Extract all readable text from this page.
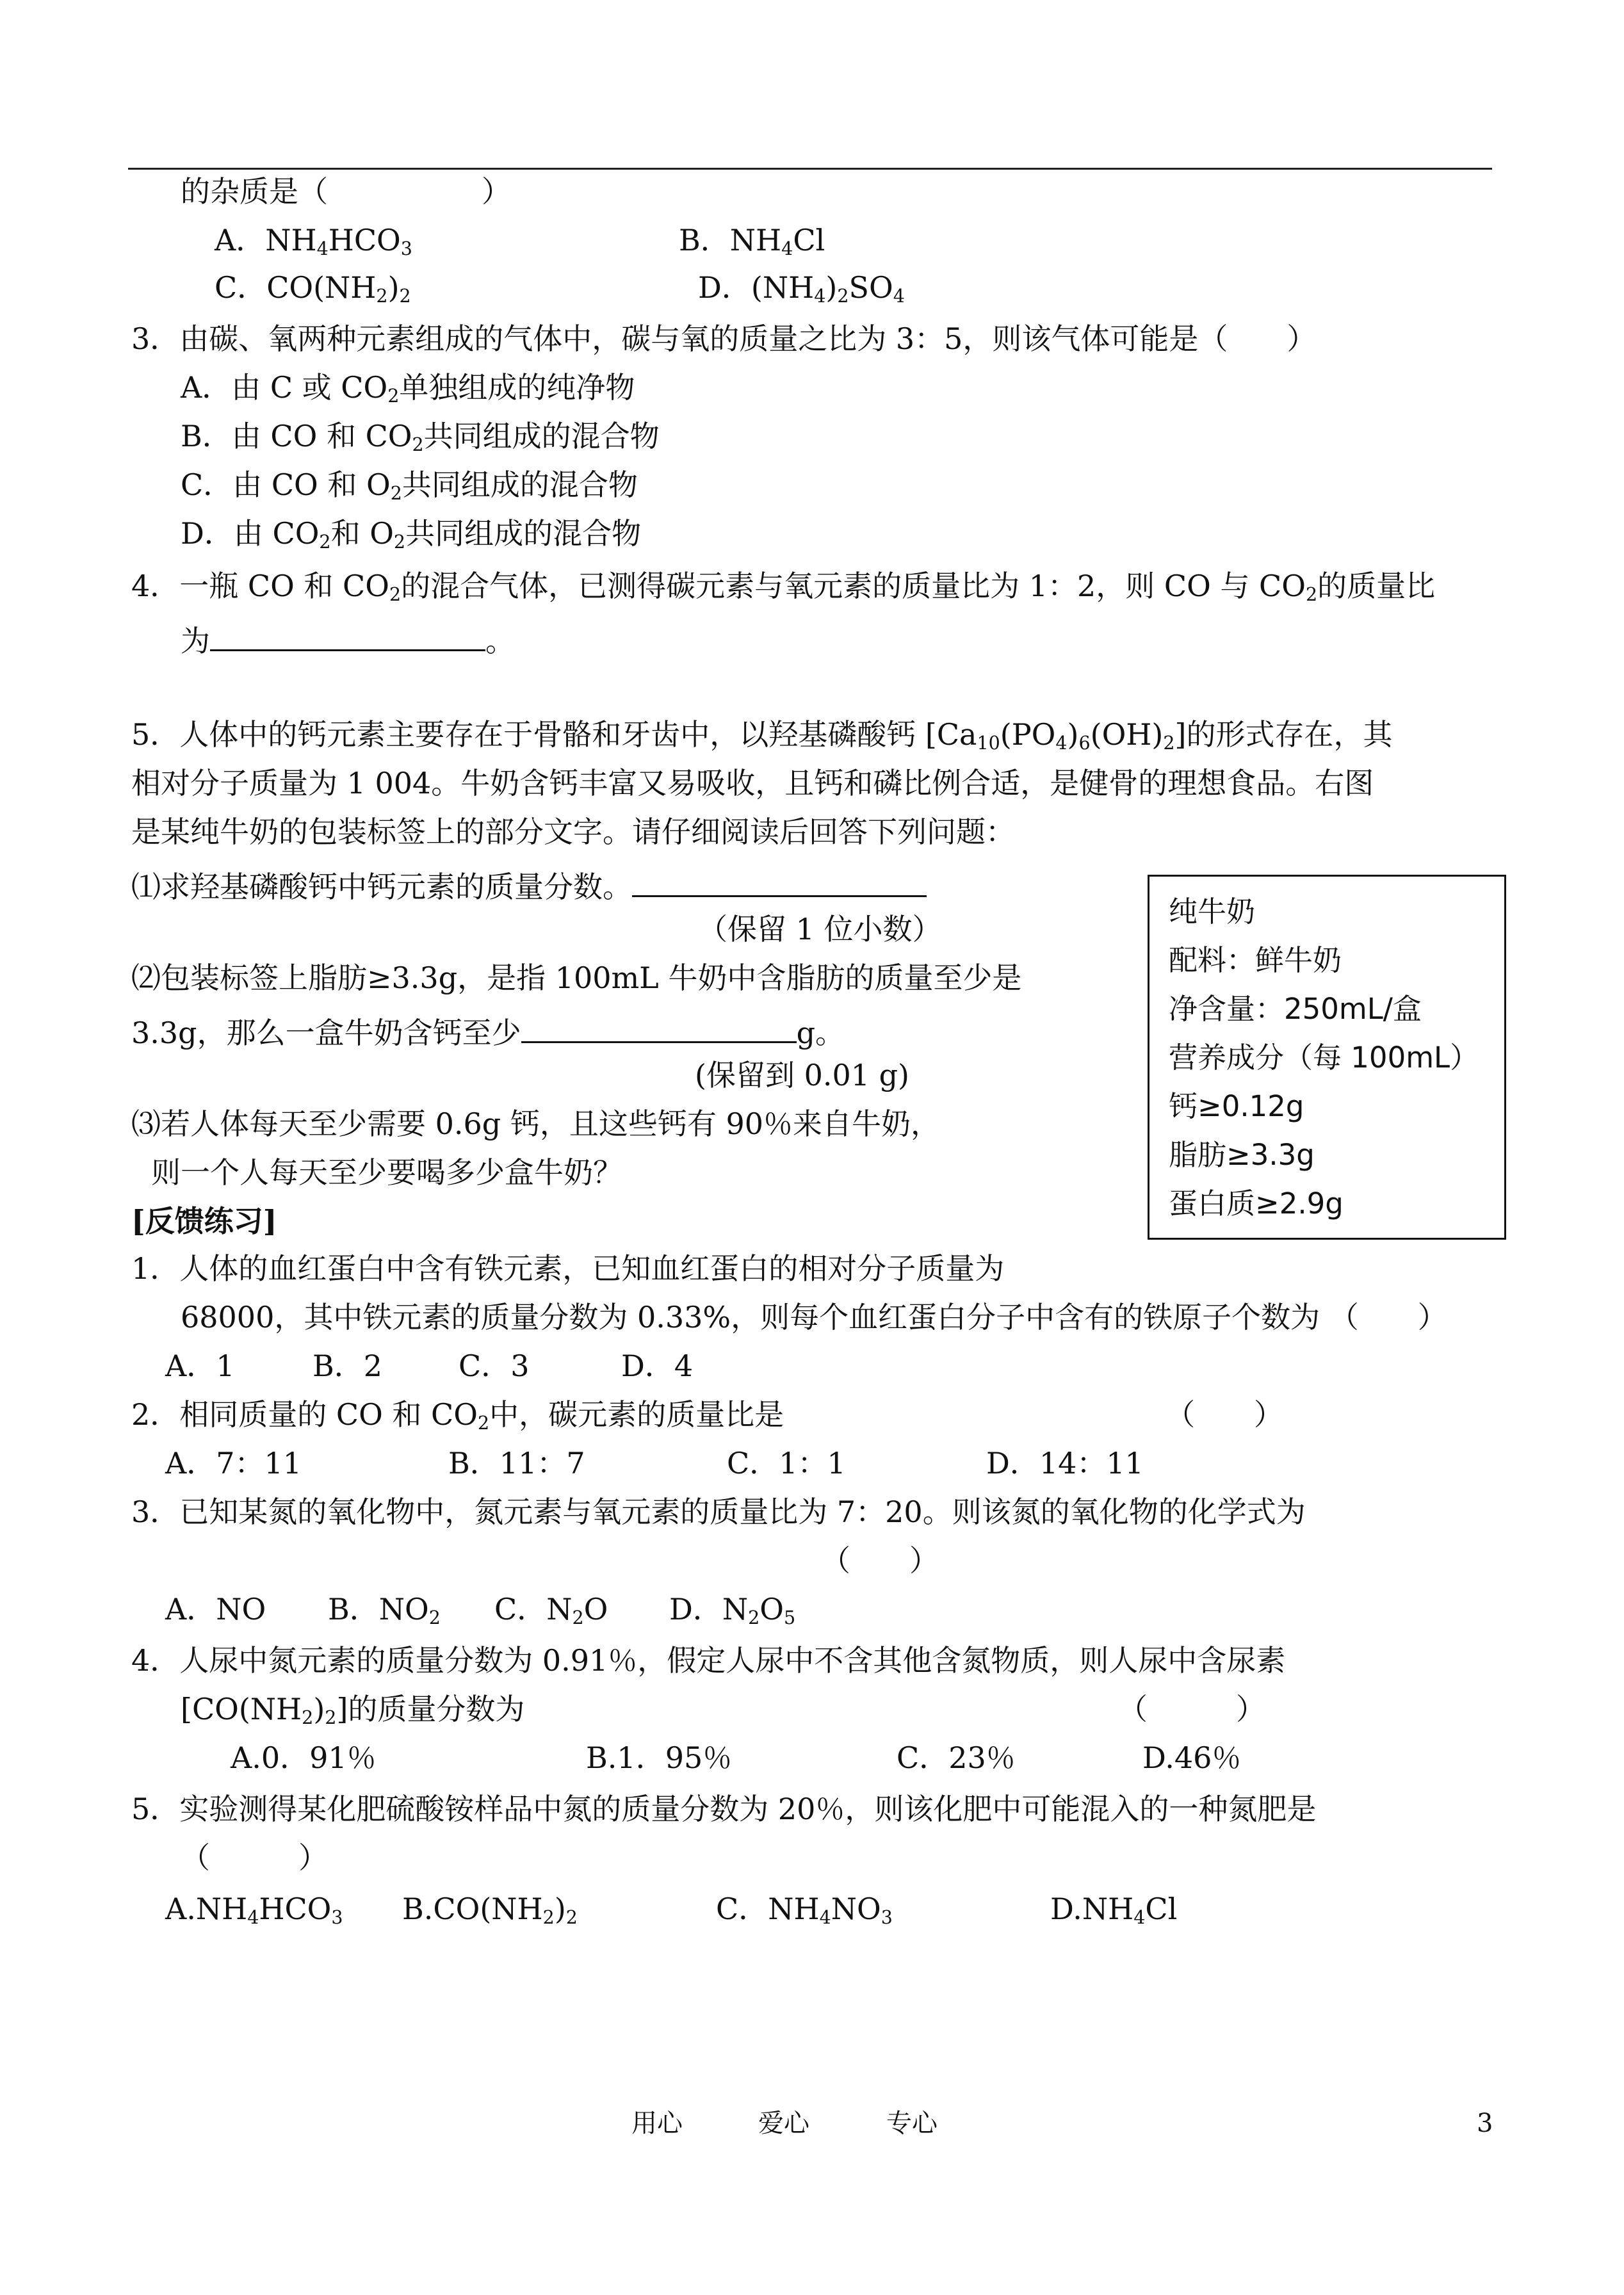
的杂质是（	）
A．$NH_4HCO_3$	B．$NH_4Cl$
C．$CO(NH_2)_2$	D．$(NH_4)_2SO_4$
3．由碳、氧两种元素组成的气体中，碳与氧的质量之比为 3：5，则该气体可能是（　　）
A．由 C 或 $CO_2$单独组成的纯净物
B．由 CO 和 $CO_2$共同组成的混合物
C．由 CO 和 $O_2$共同组成的混合物
D．由 $CO_2$和 $O_2$共同组成的混合物
4．一瓶 CO 和 $CO_2$的混合气体，已测得碳元素与氧元素的质量比为 1：2，则 CO 与 $CO_2$的质量比
为	。
5．人体中的钙元素主要存在于骨骼和牙齿中，以羟基磷酸钙 $[Ca_{10}(PO_4)_6(OH)_2]$的形式存在，其
相对分子质量为 1 004。牛奶含钙丰富又易吸收，且钙和磷比例合适，是健骨的理想食品。右图
是某纯牛奶的包装标签上的部分文字。请仔细阅读后回答下列问题：
⑴求羟基磷酸钙中钙元素的质量分数。
（保留 1 位小数）
⑵包装标签上脂肪≥3.3g，是指 100mL 牛奶中含脂肪的质量至少是
3.3g，那么一盒牛奶含钙至少	g。
(保留到 0.01 g)
⑶若人体每天至少需要 0.6g 钙，且这些钙有 90％来自牛奶，
则一个人每天至少要喝多少盒牛奶？
纯牛奶
配料：鲜牛奶
净含量：250mL/盒
营养成分（每 100mL）
钙≥0.12g
脂肪≥3.3g
蛋白质≥2.9g
[反馈练习]
1．人体的血红蛋白中含有铁元素，已知血红蛋白的相对分子质量为
68000，其中铁元素的质量分数为 0.33%，则每个血红蛋白分子中含有的铁原子个数为 （　　）
A．1	B．2	C．3	D．4
2．相同质量的 CO 和 $CO_2$中，碳元素的质量比是	（　　）
A．7：11	B．11：7	C．1：1	D．14：11
3．已知某氮的氧化物中，氮元素与氧元素的质量比为 7：20。则该氮的氧化物的化学式为
（　　）
A．NO B．$NO_2$ C．$N_2O$ D．$N_2O_5$
4．人尿中氮元素的质量分数为 0.91％，假定人尿中不含其他含氮物质，则人尿中含尿素
$[CO(NH_2)_2]$的质量分数为	（　　　）
A.0．91％	B.1．95％	C．23％	D.46％
5．实验测得某化肥硫酸铵样品中氮的质量分数为 20％，则该化肥中可能混入的一种氮肥是
（　　　）
$A.NH_4HCO_3$ $B.CO(NH_2)_2$	C．$NH_4NO_3$	$D.NH_4Cl$
用心	爱心	专心	3
